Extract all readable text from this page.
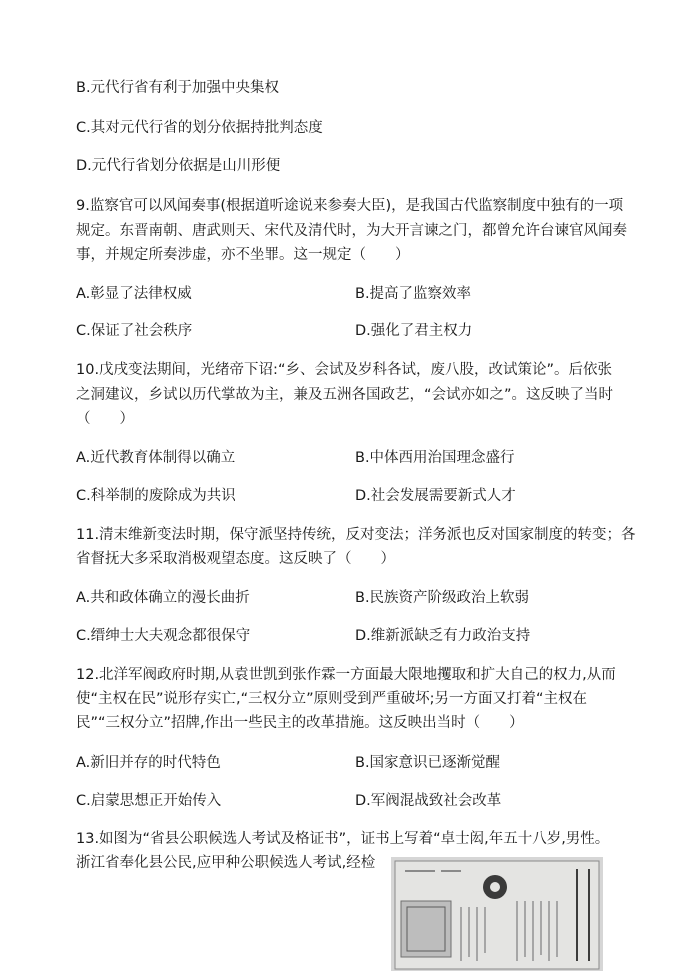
B.元代行省有利于加强中央集权
C.其对元代行省的划分依据持批判态度
D.元代行省划分依据是山川形便
9.监察官可以风闻奏事(根据道听途说来参奏大臣)，是我国古代监察制度中独有的一项
规定。东晋南朝、唐武则天、宋代及清代时，为大开言谏之门，都曾允许台谏官风闻奏
事，并规定所奏涉虚，亦不坐罪。这一规定（　　）
A.彰显了法律权威	B.提高了监察效率
C.保证了社会秩序	D.强化了君主权力
10.戊戌变法期间，光绪帝下诏:“乡、会试及岁科各试，废八股，改试策论”。后依张
之洞建议，乡试以历代掌故为主，兼及五洲各国政艺，“会试亦如之”。这反映了当时
（　　）
A.近代教育体制得以确立	B.中体西用治国理念盛行
C.科举制的废除成为共识	D.社会发展需要新式人才
11.清末维新变法时期，保守派坚持传统，反对变法；洋务派也反对国家制度的转变；各
省督抚大多采取消极观望态度。这反映了（　　）
A.共和政体确立的漫长曲折	B.民族资产阶级政治上软弱
C.缙绅士大夫观念都很保守	D.维新派缺乏有力政治支持
12.北洋军阀政府时期,从袁世凯到张作霖一方面最大限地攫取和扩大自己的权力,从而
使“主权在民”说形存实亡,“三权分立”原则受到严重破坏;另一方面又打着“主权在
民”“三权分立”招牌,作出一些民主的改革措施。这反映出当时（　　）
A.新旧并存的时代特色	B.国家意识已逐渐觉醒
C.启蒙思想正开始传入	D.军阀混战致社会改革
13.如图为“省县公职候选人考试及格证书”，证书上写着“卓士闳,年五十八岁,男性。
浙江省奉化县公民,应甲种公职候选人考试,经检
